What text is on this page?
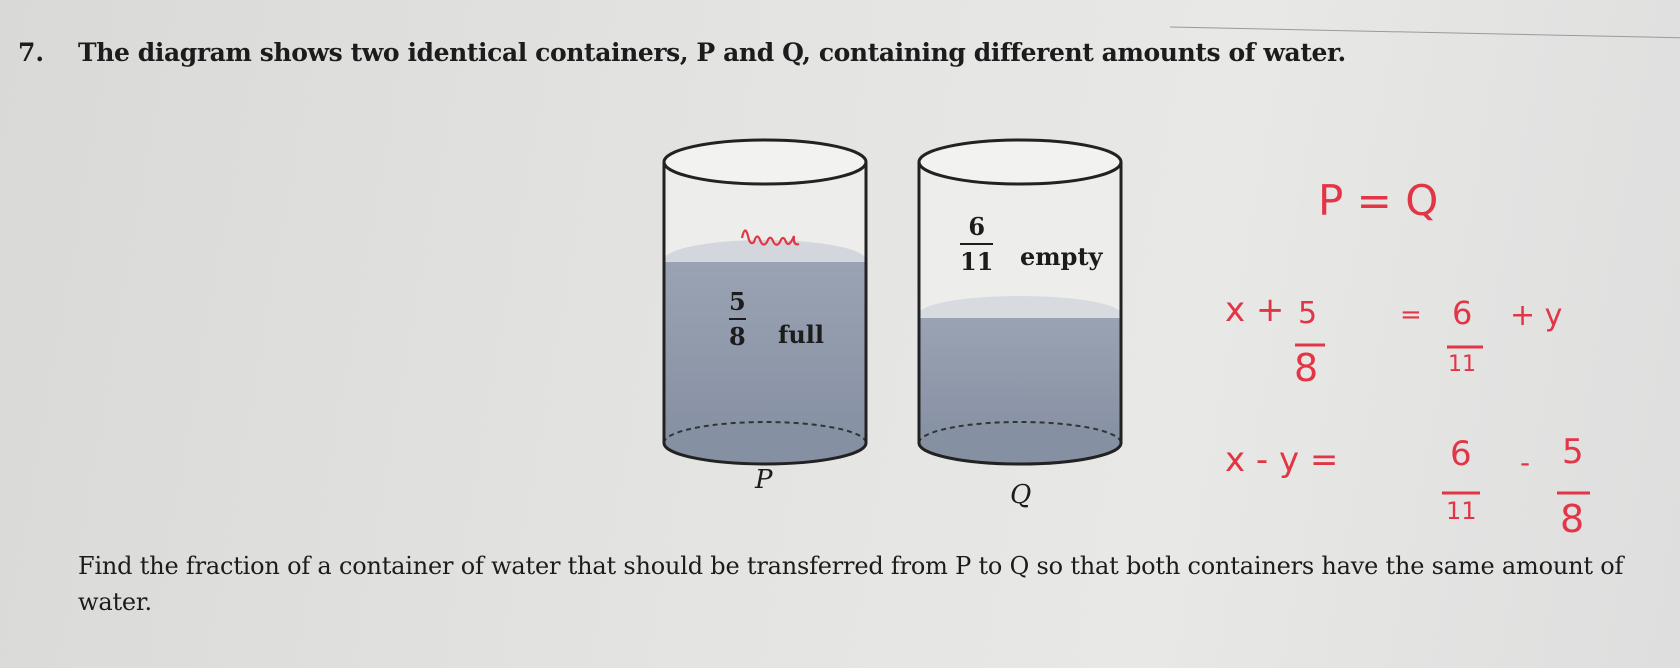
7. The diagram shows two identical containers, P and Q, containing different amounts of water.
5
8 full
6
11 empty
P	Q
Find the fraction of a container of water that should be transferred from P to Q so that both containers have the same amount of water.
P = Q
x + 5
8
= 6
11
+ y
x - y =	6
11
- 5
8
